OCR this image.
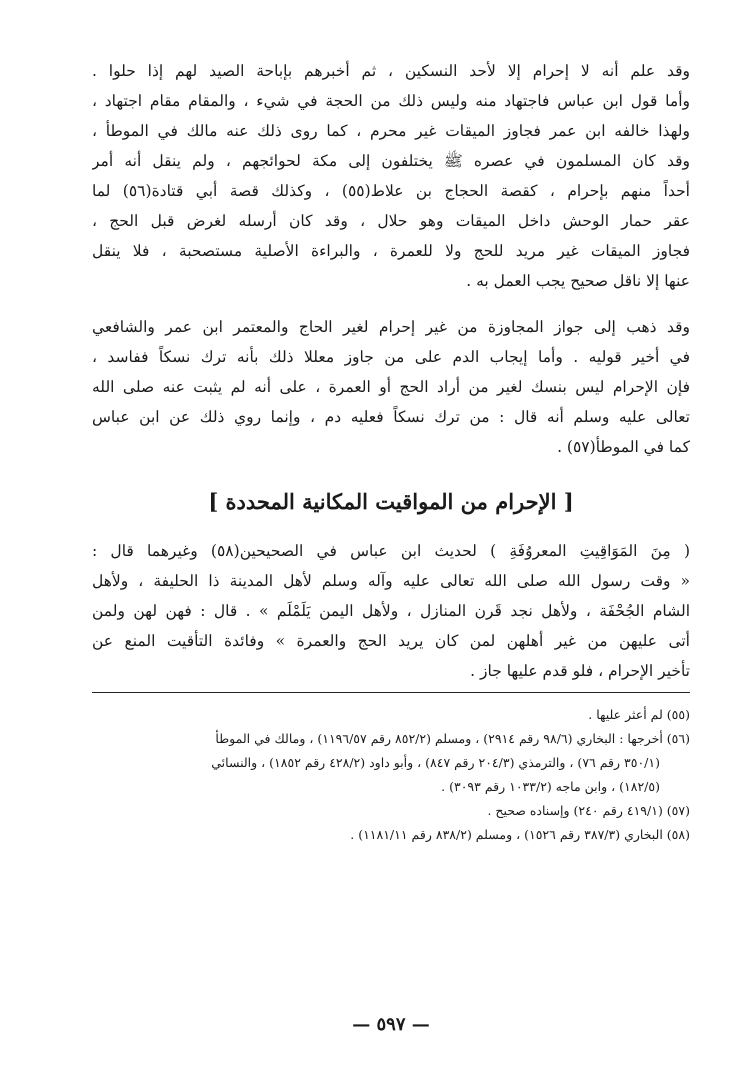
وقد علم أنه لا إحرام إلا لأحد النسكين ، ثم أخبرهم بإباحة الصيد لهم إذا حلوا .
وأما قول ابن عباس فاجتهاد منه وليس ذلك من الحجة في شيء ، والمقام مقام اجتهاد ،
ولهذا خالفه ابن عمر فجاوز الميقات غير محرم ، كما روى ذلك عنه مالك في الموطأ ،
وقد كان المسلمون في عصره ﷺ يختلفون إلى مكة لحوائجهم ، ولم ينقل أنه أمر
أحداً منهم بإحرام ، كقصة الحجاج بن علاط(٥٥) ، وكذلك قصة أبي قتادة(٥٦) لما
عقر حمار الوحش داخل الميقات وهو حلال ، وقد كان أرسله لغرض قبل الحج ،
فجاوز الميقات غير مريد للحج ولا للعمرة ، والبراءة الأصلية مستصحبة ، فلا ينقل
عنها إلا ناقل صحيح يجب العمل به .
وقد ذهب إلى جواز المجاوزة من غير إحرام لغير الحاج والمعتمر ابن عمر والشافعي
في أخير قوليه . وأما إيجاب الدم على من جاوز معللا ذلك بأنه ترك نسكاً ففاسد ،
فإن الإحرام ليس بنسك لغير من أراد الحج أو العمرة ، على أنه لم يثبت عنه صلى الله
تعالى عليه وسلم أنه قال : من ترك نسكاً فعليه دم ، وإنما روي ذلك عن ابن عباس
كما في الموطأ(٥٧) .
[ الإحرام من المواقيت المكانية المحددة ]
( مِنَ المَوَاقِيتِ المعروُفَةِ ) لحديث ابن عباس في الصحيحين(٥٨) وغيرهما قال :
« وقت رسول الله صلى الله تعالى عليه وآله وسلم لأهل المدينة ذا الحليفة ، ولأهل
الشام الجُحْفَة ، ولأهل نجد قَرن المنازل ، ولأهل اليمن يَلَمْلَم » . قال : فهن لهن ولمن
أتى عليهن من غير أهلهن لمن كان يريد الحج والعمرة » وفائدة التأقيت المنع عن
تأخير الإحرام ، فلو قدم عليها جاز .
(٥٥) لم أعثر عليها .
(٥٦) أخرجها : البخاري (٩٨/٦ رقم ٢٩١٤) ، ومسلم (٨٥٢/٢ رقم ١١٩٦/٥٧) ، ومالك في الموطأ
(٣٥٠/١ رقم ٧٦) ، والترمذي (٢٠٤/٣ رقم ٨٤٧) ، وأبو داود (٤٢٨/٢ رقم ١٨٥٢) ، والنسائي
(١٨٢/٥) ، وابن ماجه (١٠٣٣/٢ رقم ٣٠٩٣) .
(٥٧) (٤١٩/١ رقم ٢٤٠) وإسناده صحيح .
(٥٨) البخاري (٣٨٧/٣ رقم ١٥٢٦) ، ومسلم (٨٣٨/٢ رقم ١١٨١/١١) .
— ٥٩٧ —
